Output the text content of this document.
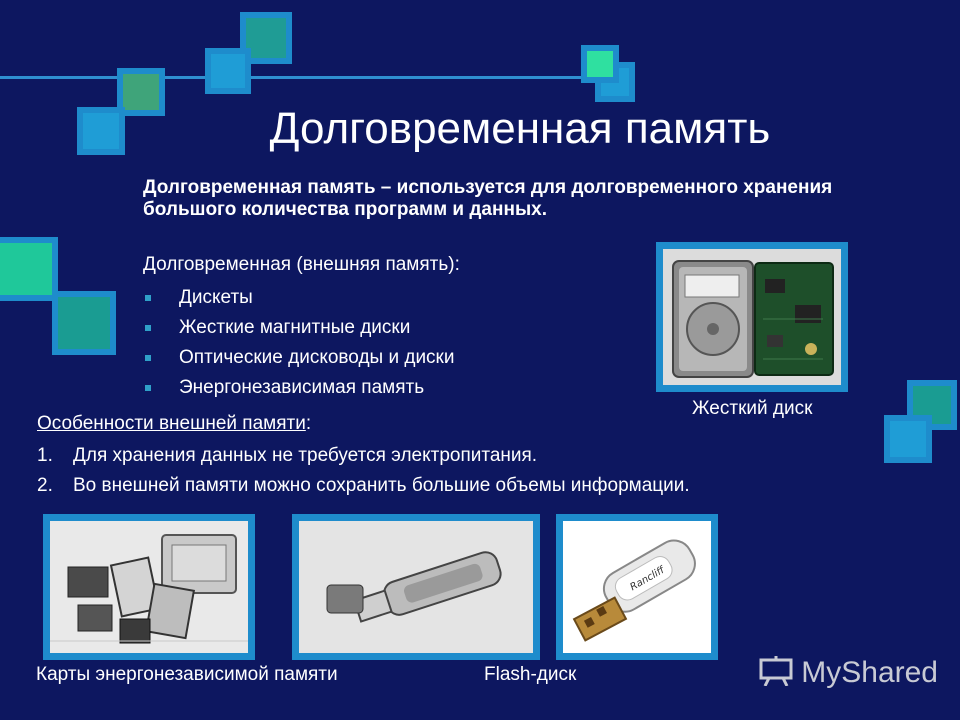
Долговременная память
Долговременная память – используется для долговременного хранения большого количества программ и данных.
Долговременная (внешняя память):
Дискеты
Жесткие магнитные диски
Оптические дисководы и диски
Энергонезависимая память
Жесткий диск
Особенности внешней памяти:
1. Для хранения данных не требуется электропитания.
2. Во внешней памяти можно сохранить большие объемы информации.
Rancliff
Карты энергонезависимой памяти	Flash-диск	MyShared
